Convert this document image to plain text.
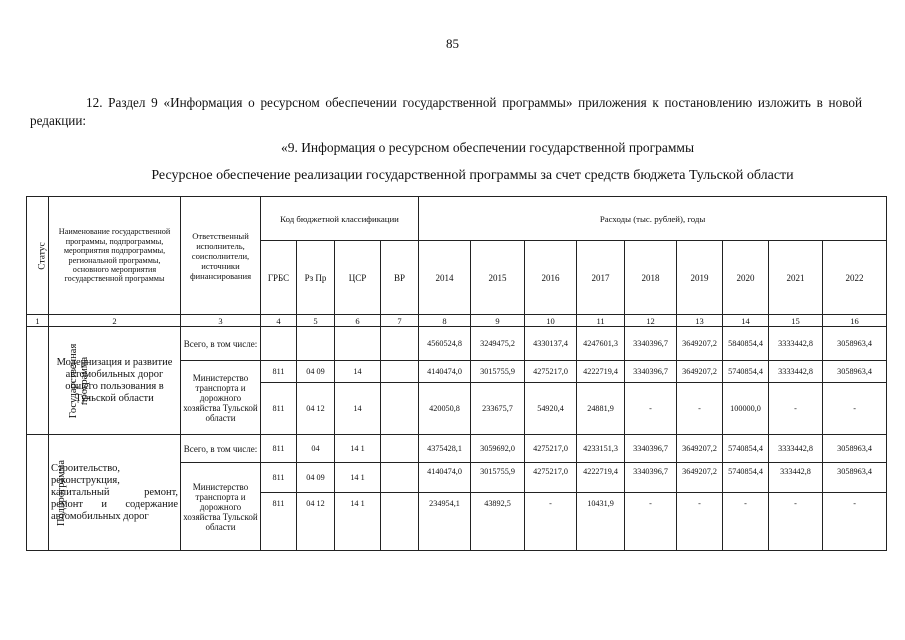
85
12. Раздел 9 «Информация о ресурсном обеспечении государственной программы» приложения к постановлению изложить в новой редакции:
«9. Информация о ресурсном обеспечении государственной программы
Ресурсное обеспечение реализации государственной программы за счет средств бюджета Тульской области
Статус	Наименование государственной программы, подпрограммы, мероприятия подпрограммы, региональной программы, основного мероприятия государственной программы	Ответственный исполнитель, соисполнители, источники финансирования	Код бюджетной классификации				Расходы (тыс. рублей), годы								
			ГРБС	Рз Пр	ЦСР	ВР	2014	2015	2016	2017	2018	2019	2020	2021	2022
1	2	3	4	5	6	7	8	9	10	11	12	13	14	15	16
Государственная программа	Модернизация и развитие автомобильных дорог общего пользования в Тульской области	Всего, в том числе:					4560524,8	3249475,2	4330137,4	4247601,3	3340396,7	3649207,2	5840854,4	3333442,8	3058963,4
		Министерство транспорта и дорожного хозяйства Тульской области	811	04 09	14		4140474,0	3015755,9	4275217,0	4222719,4	3340396,7	3649207,2	5740854,4	3333442,8	3058963,4
			811	04 12	14		420050,8	233675,7	54920,4	24881,9	-	-	100000,0	-	-
Подпрограмма	Строительство, реконструкция, капитальный ремонт, ремонт и содержание автомобильных дорог	Всего, в том числе:	811	04	14 1		4375428,1	3059692,0	4275217,0	4233151,3	3340396,7	3649207,2	5740854,4	3333442,8	3058963,4
		Министерство транспорта и дорожного хозяйства Тульской области	811	04 09	14 1		4140474,0	3015755,9	4275217,0	4222719,4	3340396,7	3649207,2	5740854,4	333442,8	3058963,4
			811	04 12	14 1		234954,1	43892,5	-	10431,9	-	-	-	-	-
